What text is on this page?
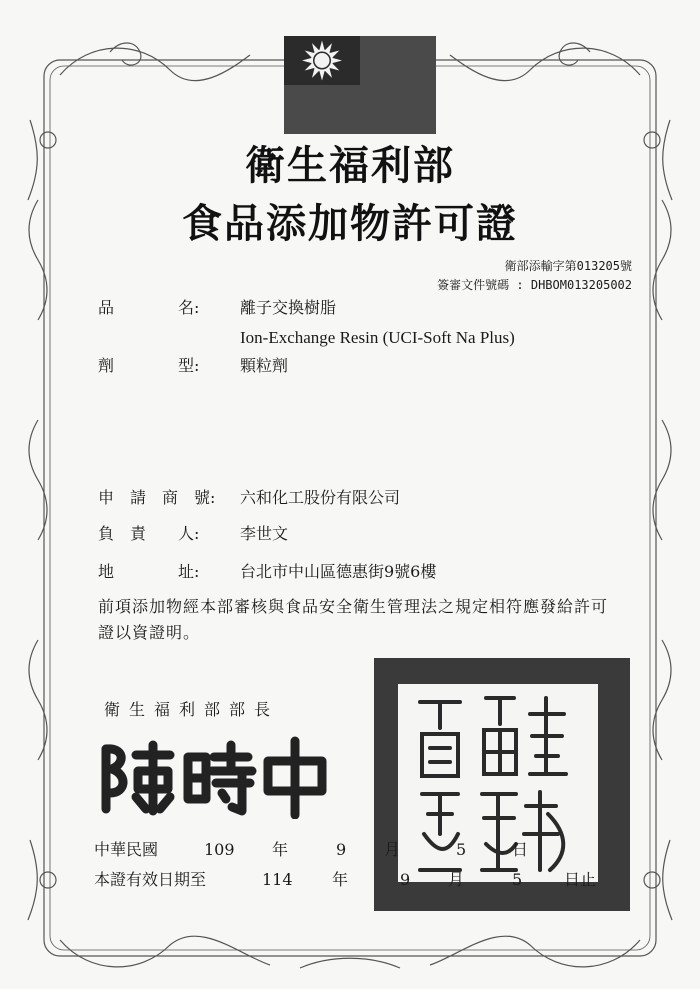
衛生福利部
食品添加物許可證
衛部添輸字第013205號
簽審文件號碼 : DHBOM013205002
品　　　　名:	離子交換樹脂
Ion-Exchange Resin (UCI-Soft Na Plus)
劑　　　　型:	顆粒劑
申　請　商　號: 六和化工股份有限公司
負　責　　人:	李世文
地　　　　址:	台北市中山區德惠街9號6樓
前項添加物經本部審核與食品安全衛生管理法之規定相符應發給許可證以資證明。
衛生福利部部長
中華民國	109 年	9 月	5	日
本證有效日期至	114 年	9 月	5	日止
